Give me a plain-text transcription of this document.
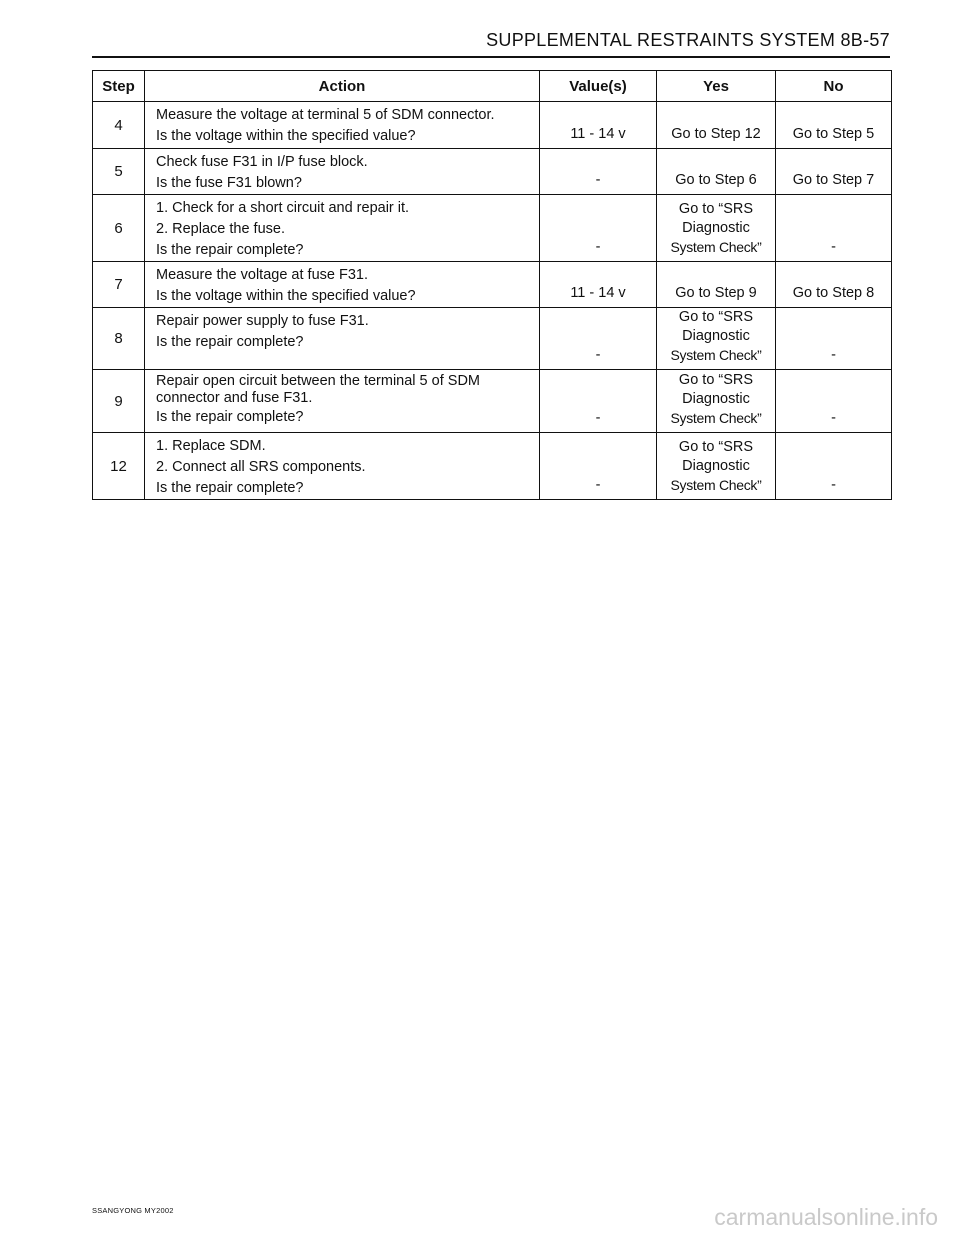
SUPPLEMENTAL RESTRAINTS SYSTEM 8B-57
Step	Action	Value(s)	Yes	No
4	Measure the voltage at terminal 5 of SDM connector.
Is the voltage within the specified value?	11 - 14 v	Go to Step 12	Go to Step 5
5	Check fuse F31 in I/P fuse block.
Is the fuse F31 blown?	-	Go to Step 6	Go to Step 7
6	1. Check for a short circuit and repair it.
2. Replace the fuse.
Is the repair complete?	-	Go to “SRS
Diagnostic
System Check”	-
7	Measure the voltage at fuse F31.
Is the voltage within the specified value?	11 - 14 v	Go to Step 9	Go to Step 8
8	Repair power supply to fuse F31.
Is the repair complete?	-	Go to “SRS
Diagnostic
System Check”	-
9	Repair open circuit between the terminal 5 of SDM
connector and fuse F31.
Is the repair complete?	-	Go to “SRS
Diagnostic
System Check”	-
12	1. Replace SDM.
2. Connect all SRS components.
Is the repair complete?	-	Go to “SRS
Diagnostic
System Check”	-
SSANGYONG MY2002	carmanualsonline.info
